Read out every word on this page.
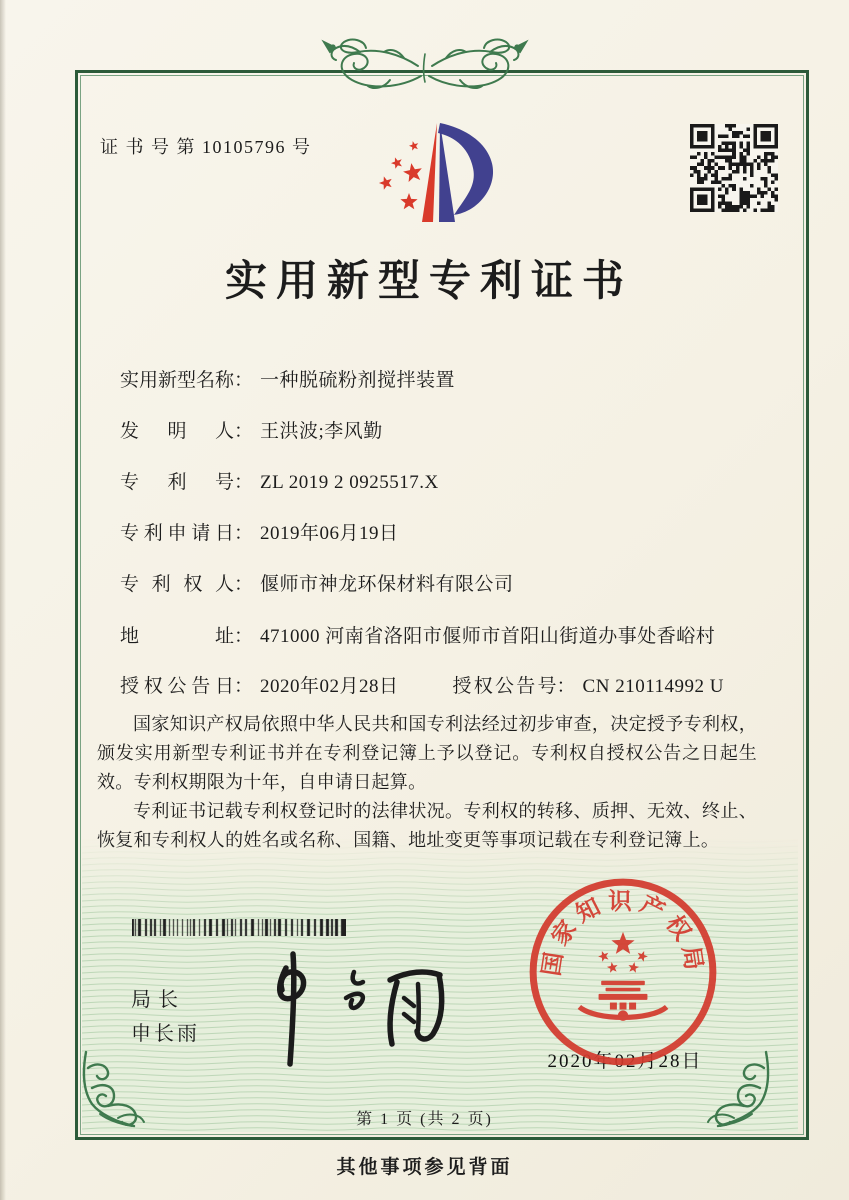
证 书 号 第 10105796 号
实用新型专利证书
实用新型名称： 一种脱硫粉剂搅拌装置
发明人： 王洪波;李风勤
专利号： ZL 2019 2 0925517.X
专利申请日： 2019年06月19日
专利权人： 偃师市神龙环保材料有限公司
地址： 471000 河南省洛阳市偃师市首阳山街道办事处香峪村
授权公告日： 2020年02月28日	授权公告号： CN 210114992 U

国家知识产权局依照中华人民共和国专利法经过初步审查，决定授予专利权，颁发实用新型专利证书并在专利登记簿上予以登记。专利权自授权公告之日起生效。专利权期限为十年，自申请日起算。

专利证书记载专利权登记时的法律状况。专利权的转移、质押、无效、终止、恢复和专利权人的姓名或名称、国籍、地址变更等事项记载在专利登记簿上。

局长
申长雨
国家知识产权局
2020年02月28日
第 1 页 (共 2 页)
其他事项参见背面
